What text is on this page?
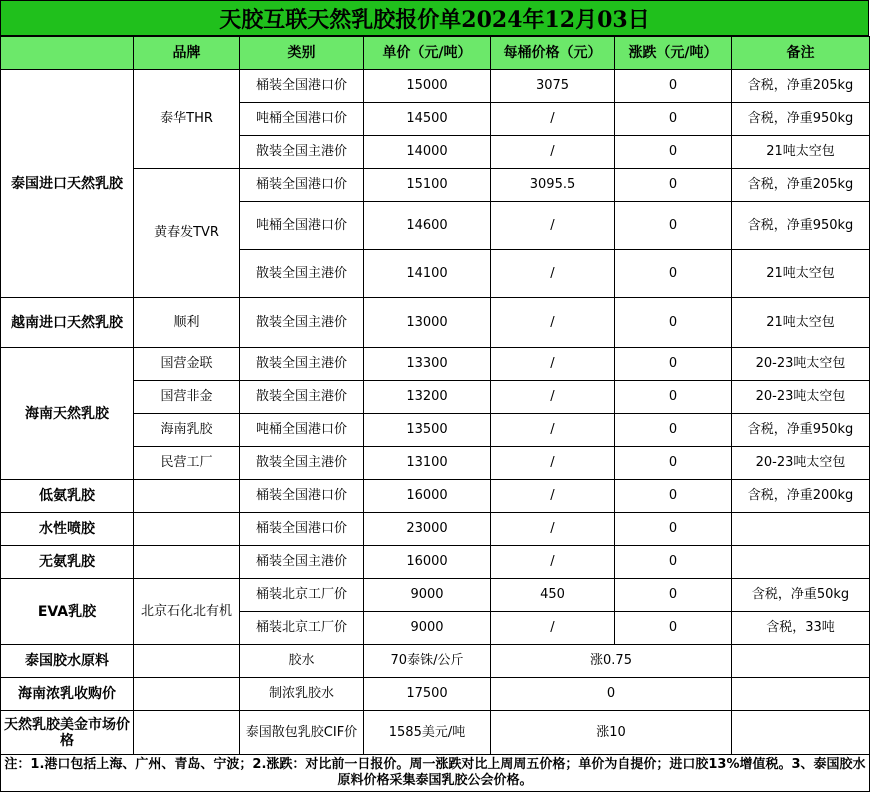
天胶互联天然乳胶报价单2024年12月03日
	品牌	类别	单价（元/吨）	每桶价格（元）	涨跌（元/吨）	备注
泰国进口天然乳胶	泰华THR	桶装全国港口价	15000	3075	0	含税，净重205kg
		吨桶全国港口价	14500	/	0	含税，净重950kg
		散装全国主港价	14000	/	0	21吨太空包
	黄春发TVR	桶装全国港口价	15100	3095.5	0	含税，净重205kg
		吨桶全国港口价	14600	/	0	含税，净重950kg
		散装全国主港价	14100	/	0	21吨太空包
越南进口天然乳胶	顺利	散装全国主港价	13000	/	0	21吨太空包
海南天然乳胶	国营金联	散装全国主港价	13300	/	0	20-23吨太空包
	国营非金	散装全国主港价	13200	/	0	20-23吨太空包
	海南乳胶	吨桶全国港口价	13500	/	0	含税，净重950kg
	民营工厂	散装全国主港价	13100	/	0	20-23吨太空包
低氨乳胶		桶装全国港口价	16000	/	0	含税，净重200kg
水性喷胶		桶装全国港口价	23000	/	0	
无氨乳胶		桶装全国主港价	16000	/	0	
EVA乳胶	北京石化北有机	桶装北京工厂价	9000	450	0	含税，净重50kg
		桶装北京工厂价	9000	/	0	含税，33吨
泰国胶水原料		胶水	70泰铢/公斤	涨0.75		
海南浓乳收购价		制浓乳胶水	17500	0		
天然乳胶美金市场价格		泰国散包乳胶CIF价	1585美元/吨	涨10		
注：1.港口包括上海、广州、青岛、宁波；2.涨跌：对比前一日报价。周一涨跌对比上周周五价格；单价为自提价；进口胶13%增值税。3、泰国胶水原料价格采集泰国乳胶公会价格。						
